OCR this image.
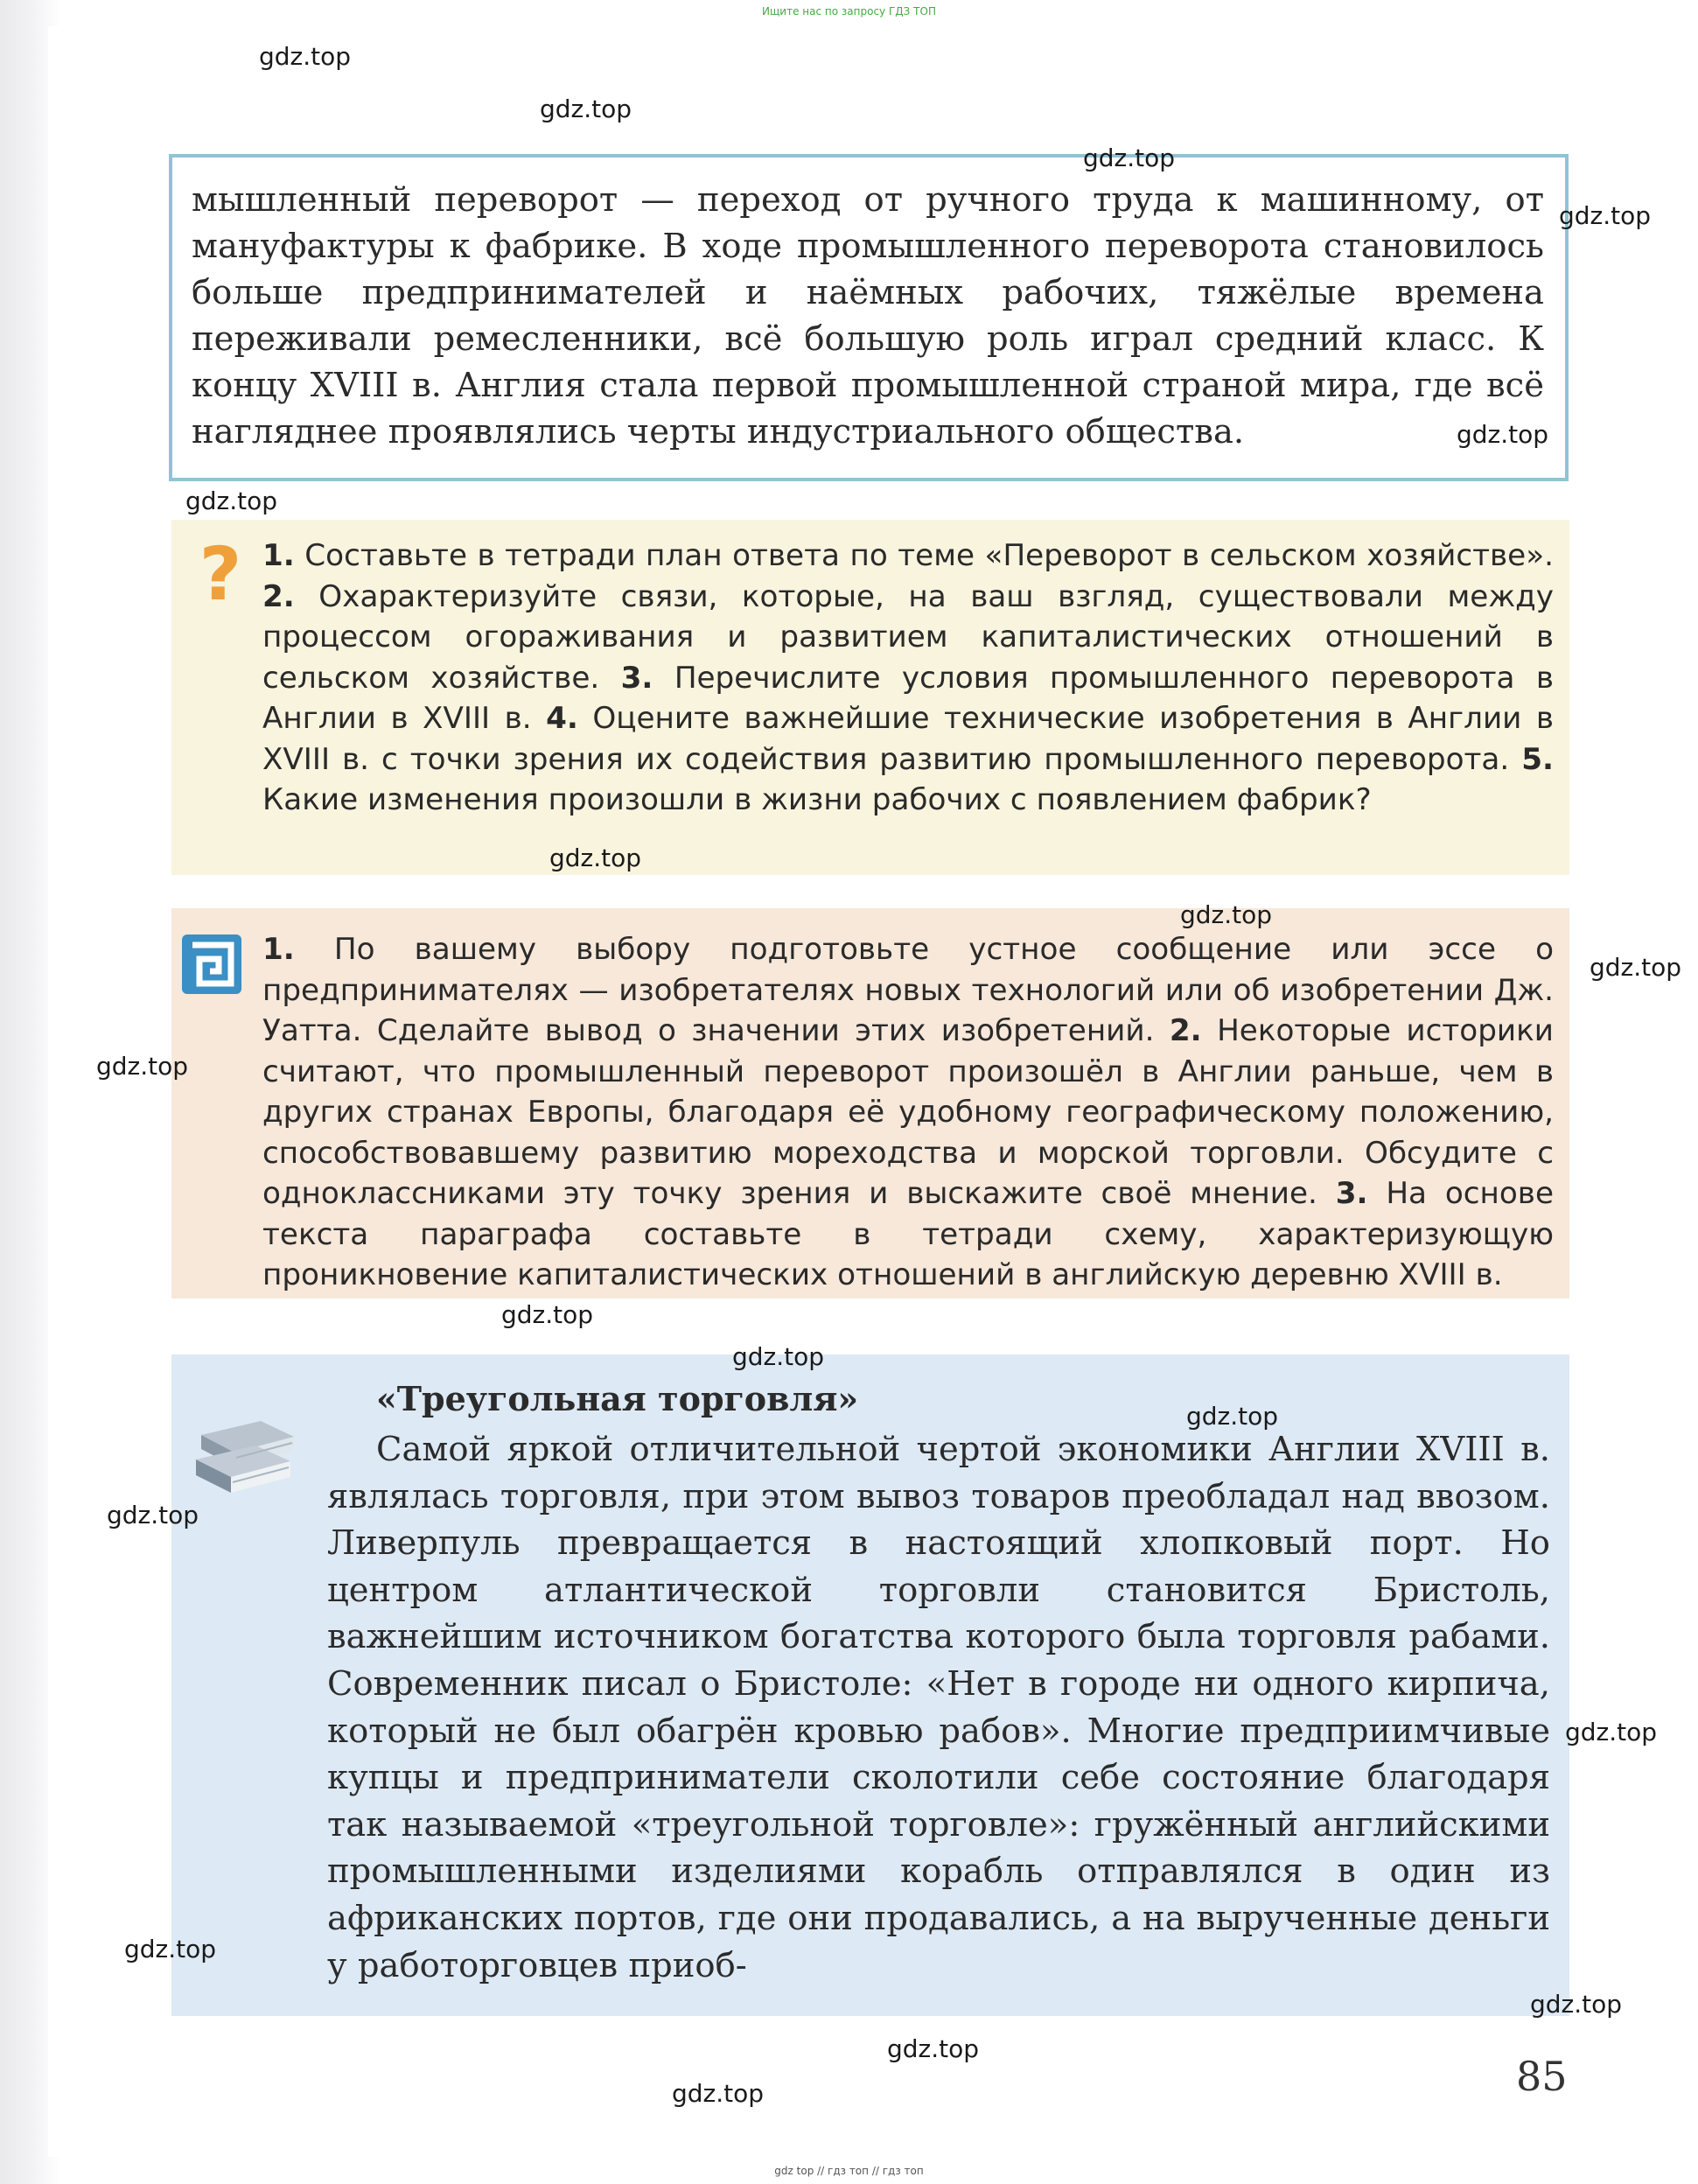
Ищите нас по запросу ГДЗ ТОП

мышленный переворот — переход от ручного труда к машинному, от мануфактуры к фабрике. В ходе промышленного переворота становилось больше предпринимателей и наёмных рабочих, тяжёлые времена переживали ремесленники, всё большую роль играл средний класс. К концу XVIII в. Англия стала первой промышленной страной мира, где всё нагляднее проявлялись черты индустриального общества.

? 1. Составьте в тетради план ответа по теме «Переворот в сельском хозяйстве». 2. Охарактеризуйте связи, которые, на ваш взгляд, существовали между процессом огораживания и развитием капиталистических отношений в сельском хозяйстве. 3. Перечислите условия промышленного переворота в Англии в XVIII в. 4. Оцените важнейшие технические изобретения в Англии в XVIII в. с точки зрения их содействия развитию промышленного переворота. 5. Какие изменения произошли в жизни рабочих с появлением фабрик?

1. По вашему выбору подготовьте устное сообщение или эссе о предпринимателях — изобретателях новых технологий или об изобретении Дж. Уатта. Сделайте вывод о значении этих изобретений. 2. Некоторые историки считают, что промышленный переворот произошёл в Англии раньше, чем в других странах Европы, благодаря её удобному географическому положению, способствовавшему развитию мореходства и морской торговли. Обсудите с одноклассниками эту точку зрения и выскажите своё мнение. 3. На основе текста параграфа составьте в тетради схему, характеризующую проникновение капиталистических отношений в английскую деревню XVIII в.

«Треугольная торговля»

Самой яркой отличительной чертой экономики Англии XVIII в. являлась торговля, при этом вывоз товаров преобладал над ввозом. Ливерпуль превращается в настоящий хлопковый порт. Но центром атлантической торговли становится Бристоль, важнейшим источником богатства которого была торговля рабами. Современник писал о Бристоле: «Нет в городе ни одного кирпича, который не был обагрён кровью рабов». Многие предприимчивые купцы и предприниматели сколотили себе состояние благодаря так называемой «треугольной торговле»: гружённый английскими промышленными изделиями корабль отправлялся в один из африканских портов, где они продавались, а на вырученные деньги у работорговцев приоб-

85
gdz top // гдз топ // гдз топ
gdz.top
gdz.top
gdz.top
gdz.top
gdz.top
gdz.top
gdz.top
gdz.top
gdz.top
gdz.top
gdz.top
gdz.top
gdz.top
gdz.top
gdz.top
gdz.top
gdz.top
gdz.top
gdz.top
